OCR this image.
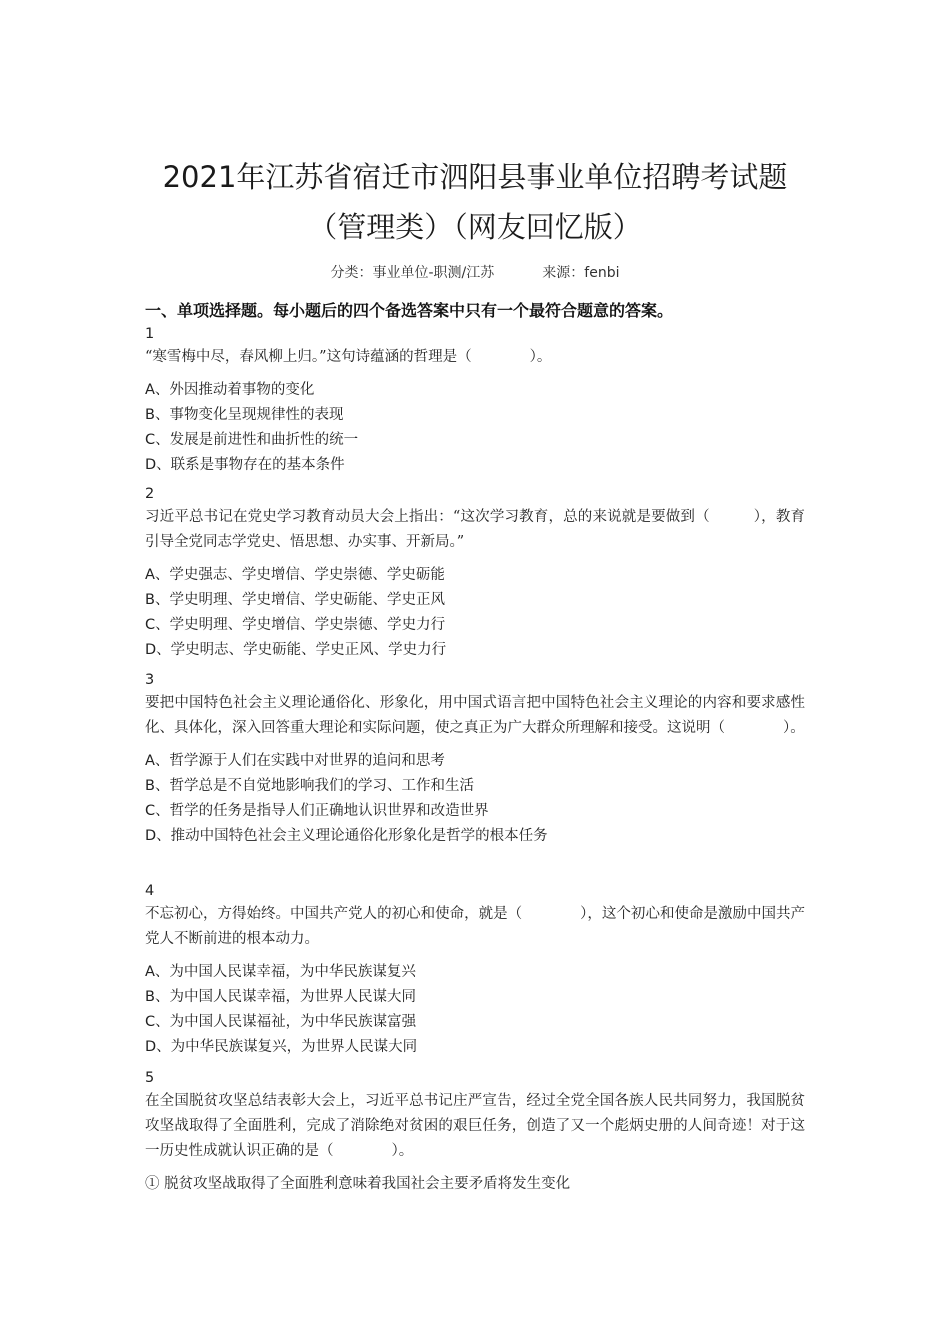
2021年江苏省宿迁市泗阳县事业单位招聘考试题
（管理类）（网友回忆版）
分类：事业单位-职测/江苏	来源：fenbi
一、单项选择题。每小题后的四个备选答案中只有一个最符合题意的答案。
1
“寒雪梅中尽，春风柳上归。”这句诗蕴涵的哲理是（　　　　）。
A、外因推动着事物的变化
B、事物变化呈现规律性的表现
C、发展是前进性和曲折性的统一
D、联系是事物存在的基本条件
2
习近平总书记在党史学习教育动员大会上指出：“这次学习教育，总的来说就是要做到（　　　），教育引导全党同志学党史、悟思想、办实事、开新局。”
A、学史强志、学史增信、学史崇德、学史砺能
B、学史明理、学史增信、学史砺能、学史正风
C、学史明理、学史增信、学史崇德、学史力行
D、学史明志、学史砺能、学史正风、学史力行
3
要把中国特色社会主义理论通俗化、形象化，用中国式语言把中国特色社会主义理论的内容和要求感性化、具体化，深入回答重大理论和实际问题，使之真正为广大群众所理解和接受。这说明（　　　　）。
A、哲学源于人们在实践中对世界的追问和思考
B、哲学总是不自觉地影响我们的学习、工作和生活
C、哲学的任务是指导人们正确地认识世界和改造世界
D、推动中国特色社会主义理论通俗化形象化是哲学的根本任务
4
不忘初心，方得始终。中国共产党人的初心和使命，就是（　　　　），这个初心和使命是激励中国共产党人不断前进的根本动力。
A、为中国人民谋幸福，为中华民族谋复兴
B、为中国人民谋幸福，为世界人民谋大同
C、为中国人民谋福祉，为中华民族谋富强
D、为中华民族谋复兴，为世界人民谋大同
5
在全国脱贫攻坚总结表彰大会上，习近平总书记庄严宣告，经过全党全国各族人民共同努力，我国脱贫攻坚战取得了全面胜利，完成了消除绝对贫困的艰巨任务，创造了又一个彪炳史册的人间奇迹！对于这一历史性成就认识正确的是（　　　　）。
① 脱贫攻坚战取得了全面胜利意味着我国社会主要矛盾将发生变化
